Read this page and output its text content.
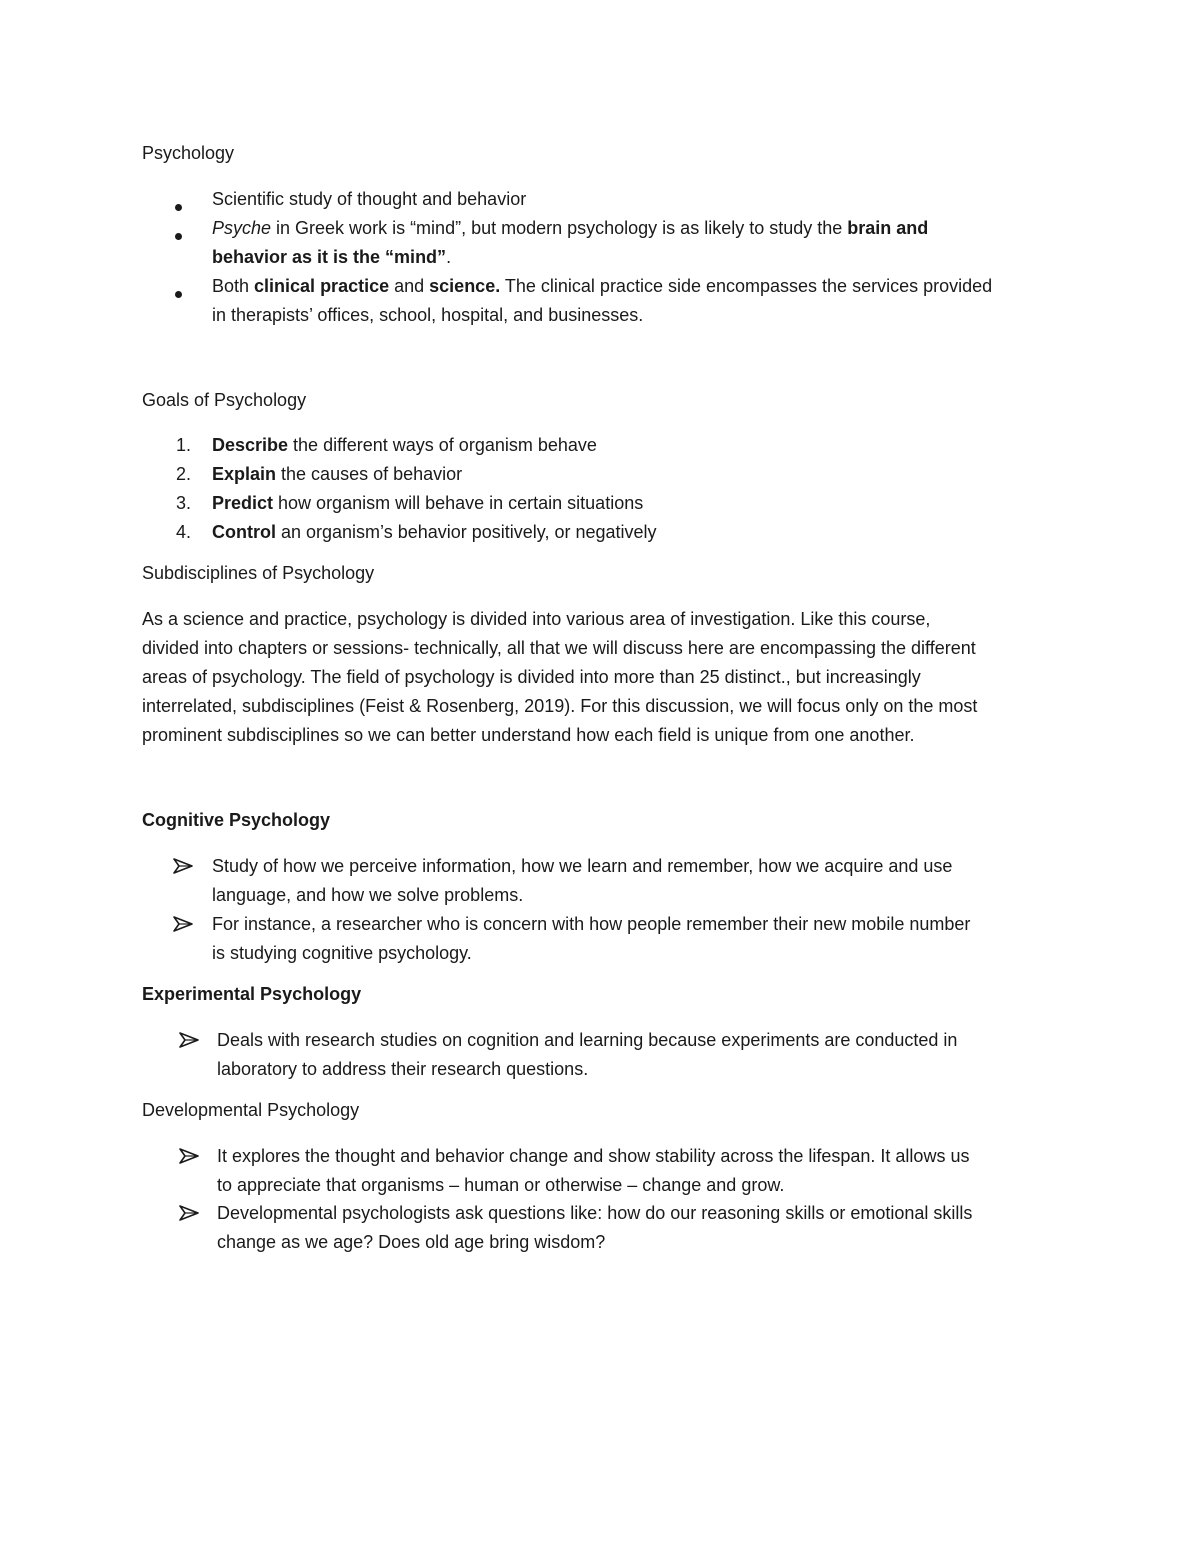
Psychology
Scientific study of thought and behavior
Psyche in Greek work is “mind”, but modern psychology is as likely to study the brain and
behavior as it is the “mind”.
Both clinical practice and science. The clinical practice side encompasses the services provided
in therapists’ offices, school, hospital, and businesses.
Goals of Psychology
1. Describe the different ways of organism behave
2. Explain the causes of behavior
3. Predict how organism will behave in certain situations
4. Control an organism’s behavior positively, or negatively
Subdisciplines of Psychology
As a science and practice, psychology is divided into various area of investigation. Like this course,
divided into chapters or sessions- technically, all that we will discuss here are encompassing the different
areas of psychology. The field of psychology is divided into more than 25 distinct., but increasingly
interrelated, subdisciplines (Feist & Rosenberg, 2019). For this discussion, we will focus only on the most
prominent subdisciplines so we can better understand how each field is unique from one another.
Cognitive Psychology
Study of how we perceive information, how we learn and remember, how we acquire and use
language, and how we solve problems.
For instance, a researcher who is concern with how people remember their new mobile number
is studying cognitive psychology.
Experimental Psychology
Deals with research studies on cognition and learning because experiments are conducted in
laboratory to address their research questions.
Developmental Psychology
It explores the thought and behavior change and show stability across the lifespan. It allows us
to appreciate that organisms – human or otherwise – change and grow.
Developmental psychologists ask questions like: how do our reasoning skills or emotional skills
change as we age? Does old age bring wisdom?
